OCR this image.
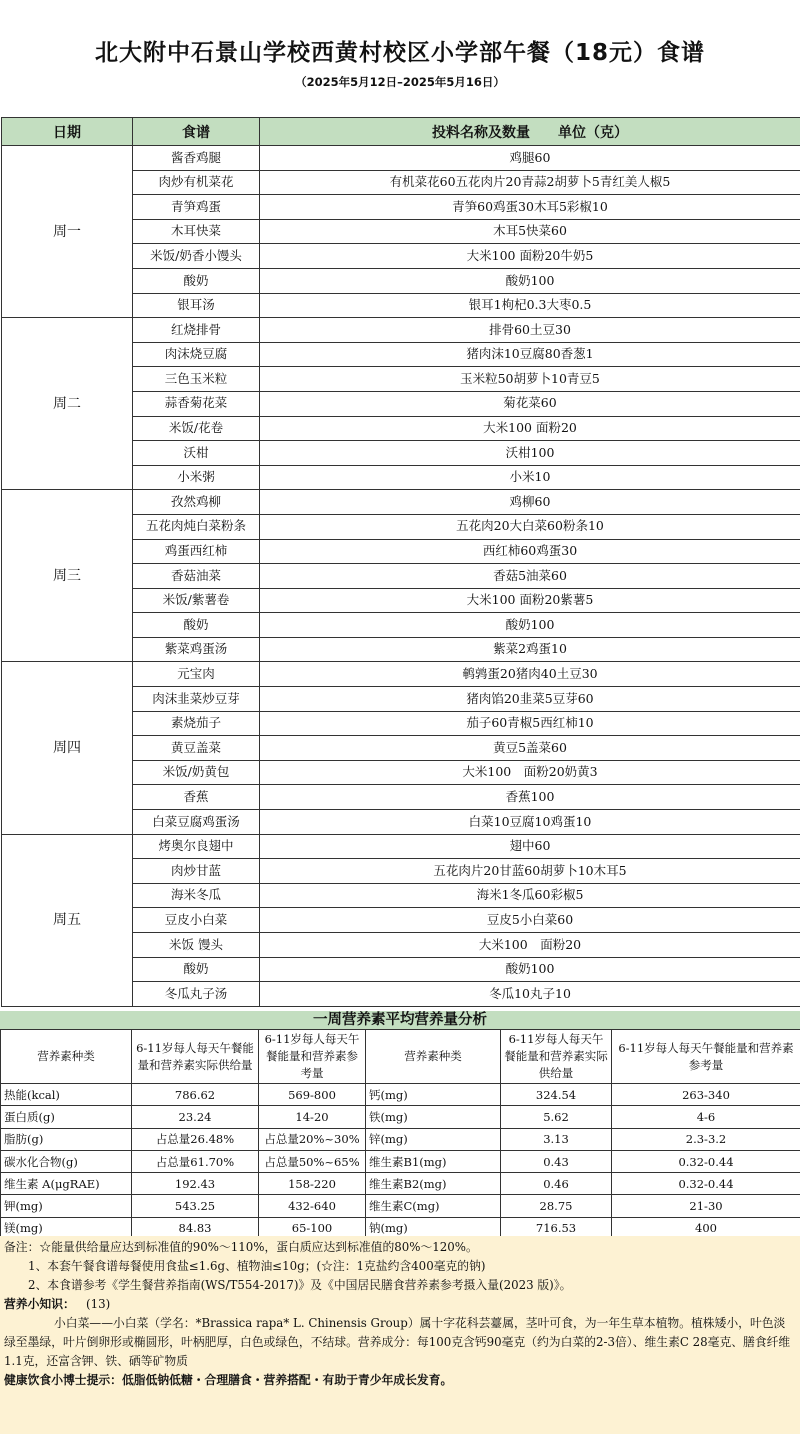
北大附中石景山学校西黄村校区小学部午餐（18元）食谱
（2025年5月12日–2025年5月16日）
日期	食谱	投料名称及数量　　单位（克）
周一	酱香鸡腿	鸡腿60
	肉炒有机菜花	有机菜花60五花肉片20青蒜2胡萝卜5青红美人椒5
	青笋鸡蛋	青笋60鸡蛋30木耳5彩椒10
	木耳快菜	木耳5快菜60
	米饭/奶香小馒头	大米100 面粉20牛奶5
	酸奶	酸奶100
	银耳汤	银耳1枸杞0.3大枣0.5
周二	红烧排骨	排骨60土豆30
	肉沫烧豆腐	猪肉沫10豆腐80香葱1
	三色玉米粒	玉米粒50胡萝卜10青豆5
	蒜香菊花菜	菊花菜60
	米饭/花卷	大米100 面粉20
	沃柑	沃柑100
	小米粥	小米10
周三	孜然鸡柳	鸡柳60
	五花肉炖白菜粉条	五花肉20大白菜60粉条10
	鸡蛋西红柿	西红柿60鸡蛋30
	香菇油菜	香菇5油菜60
	米饭/紫薯卷	大米100 面粉20紫薯5
	酸奶	酸奶100
	紫菜鸡蛋汤	紫菜2鸡蛋10
周四	元宝肉	鹌鹑蛋20猪肉40土豆30
	肉沫韭菜炒豆芽	猪肉馅20韭菜5豆芽60
	素烧茄子	茄子60青椒5西红柿10
	黄豆盖菜	黄豆5盖菜60
	米饭/奶黄包	大米100　面粉20奶黄3
	香蕉	香蕉100
	白菜豆腐鸡蛋汤	白菜10豆腐10鸡蛋10
周五	烤奥尔良翅中	翅中60
	肉炒甘蓝	五花肉片20甘蓝60胡萝卜10木耳5
	海米冬瓜	海米1冬瓜60彩椒5
	豆皮小白菜	豆皮5小白菜60
	米饭 馒头	大米100　面粉20
	酸奶	酸奶100
	冬瓜丸子汤	冬瓜10丸子10
一周营养素平均营养量分析
营养素种类	6-11岁每人每天午餐能量和营养素实际供给量	6-11岁每人每天午餐能量和营养素参考量	营养素种类	6-11岁每人每天午餐能量和营养素实际供给量	6-11岁每人每天午餐能量和营养素参考量
热能(kcal)	786.62	569-800	钙(mg)	324.54	263-340
蛋白质(g)	23.24	14-20	铁(mg)	5.62	4-6
脂肪(g)	占总量26.48%	占总量20%~30%	锌(mg)	3.13	2.3-3.2
碳水化合物(g)	占总量61.70%	占总量50%~65%	维生素B1(mg)	0.43	0.32-0.44
维生素 A(μgRAE)	192.43	158-220	维生素B2(mg)	0.46	0.32-0.44
钾(mg)	543.25	432-640	维生素C(mg)	28.75	21-30
镁(mg)	84.83	65-100	钠(mg)	716.53	400

备注：☆能量供给量应达到标准值的90%～110%，蛋白质应达到标准值的80%～120%。

1、本套午餐食谱每餐使用食盐≤1.6g、植物油≤10g；(☆注：1克盐约含400毫克的钠)

2、本食谱参考《学生餐营养指南(WS/T554-2017)》及《中国居民膳食营养素参考摄入量(2023 版)》。

营养小知识： (13)

小白菜——小白菜（学名：*Brassica rapa* L. Chinensis Group）属十字花科芸薹属，茎叶可食，为一年生草本植物。植株矮小，叶色淡绿至墨绿，叶片倒卵形或椭圆形，叶柄肥厚，白色或绿色，不结球。营养成分：每100克含钙90毫克（约为白菜的2-3倍）、维生素C 28毫克、膳食纤维1.1克，还富含钾、铁、硒等矿物质

健康饮食小博士提示：低脂低钠低糖・合理膳食・营养搭配・有助于青少年成长发育。
